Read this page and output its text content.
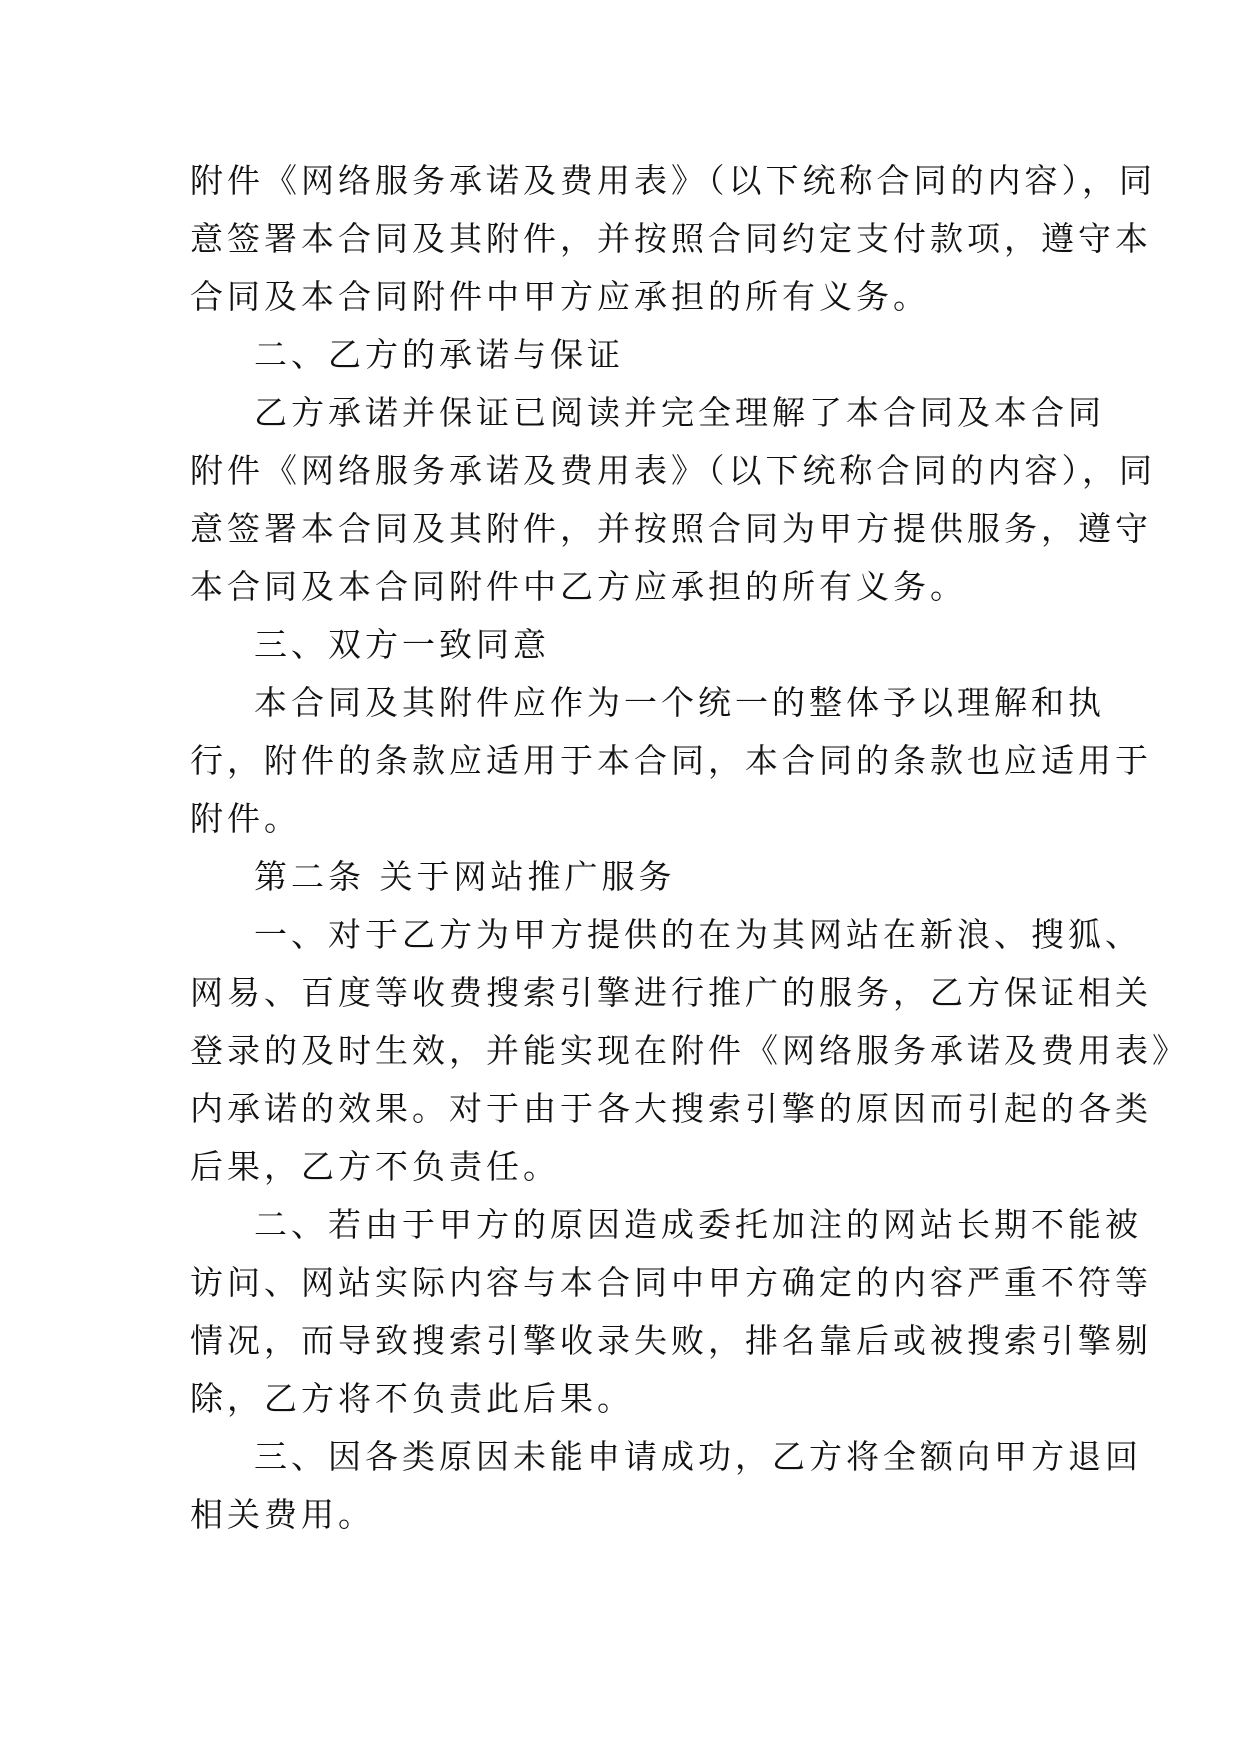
附件《网络服务承诺及费用表》（以下统称合同的内容），同
意签署本合同及其附件，并按照合同约定支付款项，遵守本
合同及本合同附件中甲方应承担的所有义务。
二、乙方的承诺与保证
乙方承诺并保证已阅读并完全理解了本合同及本合同
附件《网络服务承诺及费用表》（以下统称合同的内容），同
意签署本合同及其附件，并按照合同为甲方提供服务，遵守
本合同及本合同附件中乙方应承担的所有义务。
三、双方一致同意
本合同及其附件应作为一个统一的整体予以理解和执
行，附件的条款应适用于本合同，本合同的条款也应适用于
附件。
第二条 关于网站推广服务
一、对于乙方为甲方提供的在为其网站在新浪、搜狐、
网易、百度等收费搜索引擎进行推广的服务，乙方保证相关
登录的及时生效，并能实现在附件《网络服务承诺及费用表》
内承诺的效果。对于由于各大搜索引擎的原因而引起的各类
后果，乙方不负责任。
二、若由于甲方的原因造成委托加注的网站长期不能被
访问、网站实际内容与本合同中甲方确定的内容严重不符等
情况，而导致搜索引擎收录失败，排名靠后或被搜索引擎剔
除，乙方将不负责此后果。
三、因各类原因未能申请成功，乙方将全额向甲方退回
相关费用。
